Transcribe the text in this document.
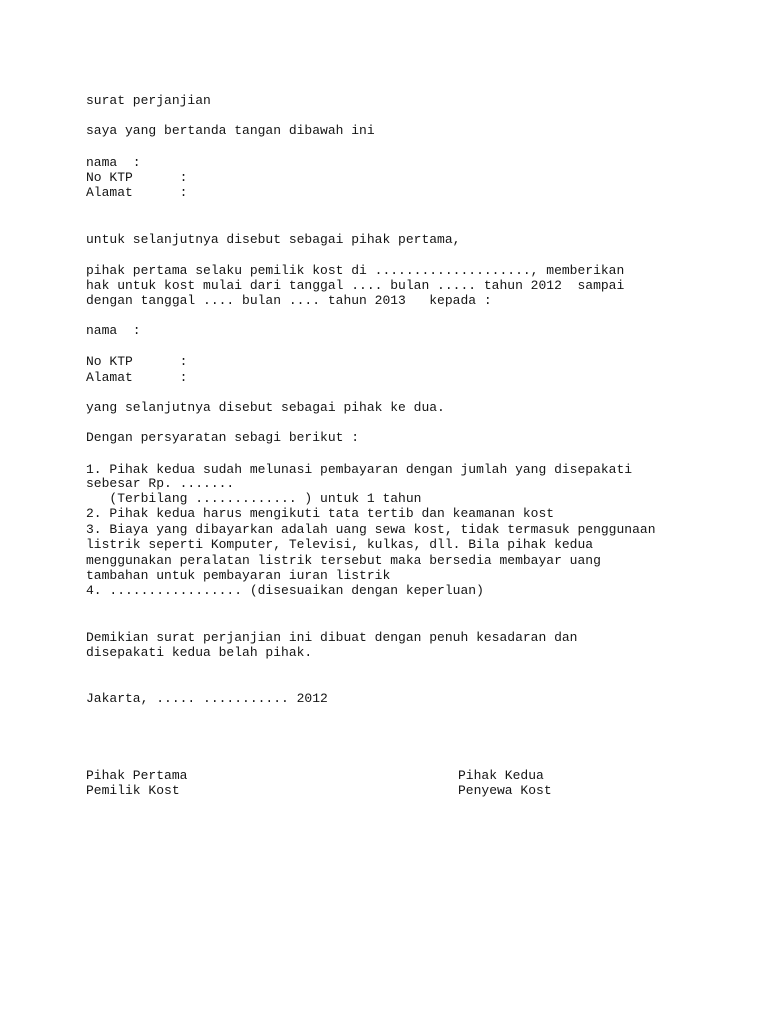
surat perjanjian

saya yang bertanda tangan dibawah ini

nama  :

No KTP      :

Alamat      :

untuk selanjutnya disebut sebagai pihak pertama,

pihak pertama selaku pemilik kost di ...................., memberikan

hak untuk kost mulai dari tanggal .... bulan ..... tahun 2012  sampai

dengan tanggal .... bulan .... tahun 2013   kepada :

nama  :

No KTP      :

Alamat      :

yang selanjutnya disebut sebagai pihak ke dua.

Dengan persyaratan sebagi berikut :

1. Pihak kedua sudah melunasi pembayaran dengan jumlah yang disepakati

sebesar Rp. .......

(Terbilang ............. ) untuk 1 tahun

2. Pihak kedua harus mengikuti tata tertib dan keamanan kost

3. Biaya yang dibayarkan adalah uang sewa kost, tidak termasuk penggunaan

listrik seperti Komputer, Televisi, kulkas, dll. Bila pihak kedua

menggunakan peralatan listrik tersebut maka bersedia membayar uang

tambahan untuk pembayaran iuran listrik

4. ................. (disesuaikan dengan keperluan)

Demikian surat perjanjian ini dibuat dengan penuh kesadaran dan

disepakati kedua belah pihak.

Jakarta, ..... ........... 2012

Pihak Pertama

Pemilik Kost

Pihak Kedua

Penyewa Kost
